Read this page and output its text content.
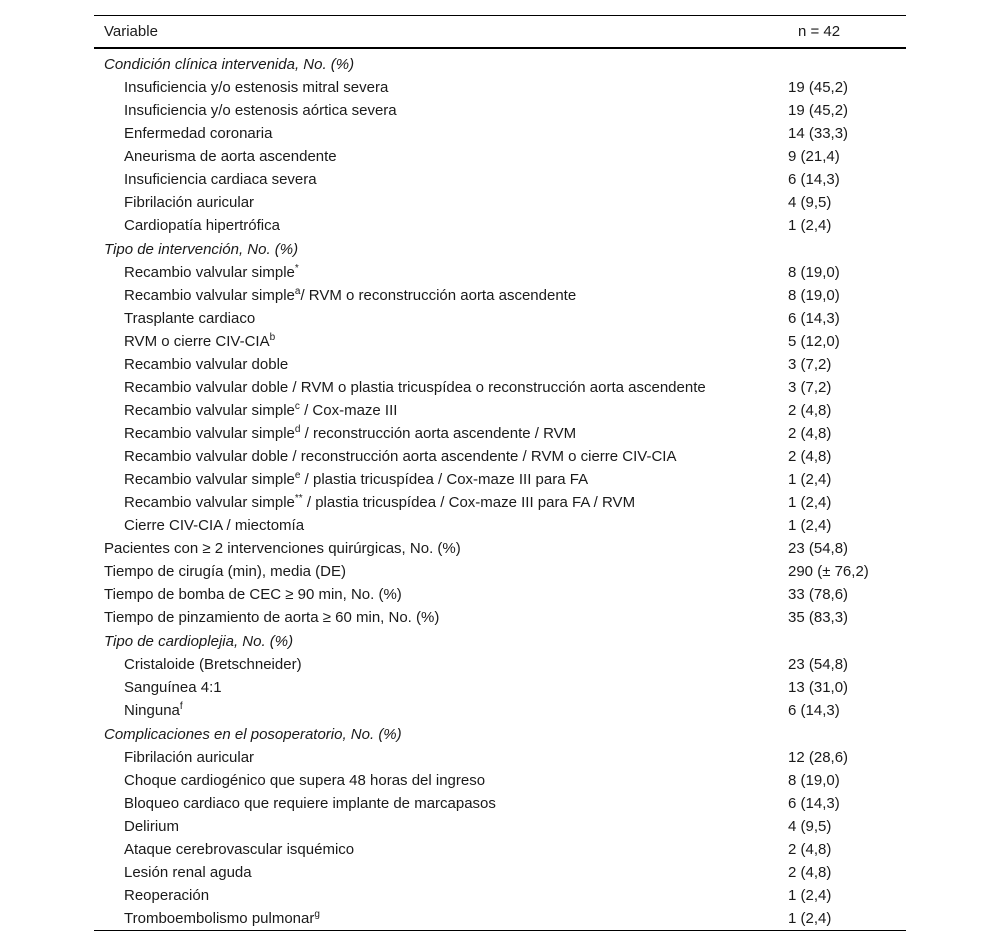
Variable	n = 42
Condición clínica intervenida, No. (%)	
Insuficiencia y/o estenosis mitral severa	19 (45,2)
Insuficiencia y/o estenosis aórtica severa	19 (45,2)
Enfermedad coronaria	14 (33,3)
Aneurisma de aorta ascendente	9 (21,4)
Insuficiencia cardiaca severa	6 (14,3)
Fibrilación auricular	4 (9,5)
Cardiopatía hipertrófica	1 (2,4)
Tipo de intervención, No. (%)	
Recambio valvular simple*	8 (19,0)
Recambio valvular simple$^a$/ RVM o reconstrucción aorta ascendente	8 (19,0)
Trasplante cardiaco	6 (14,3)
RVM o cierre CIV-CIA$^b$	5 (12,0)
Recambio valvular doble	3 (7,2)
Recambio valvular doble / RVM o plastia tricuspídea o reconstrucción aorta ascendente	3 (7,2)
Recambio valvular simple$^c$ / Cox-maze III	2 (4,8)
Recambio valvular simple$^d$ / reconstrucción aorta ascendente / RVM	2 (4,8)
Recambio valvular doble / reconstrucción aorta ascendente / RVM o cierre CIV-CIA	2 (4,8)
Recambio valvular simple$^e$ / plastia tricuspídea / Cox-maze III para FA	1 (2,4)
Recambio valvular simple** / plastia tricuspídea / Cox-maze III para FA / RVM	1 (2,4)
Cierre CIV-CIA / miectomía	1 (2,4)
Pacientes con ≥ 2 intervenciones quirúrgicas, No. (%)	23 (54,8)
Tiempo de cirugía (min), media (DE)	290 (± 76,2)
Tiempo de bomba de CEC ≥ 90 min, No. (%)	33 (78,6)
Tiempo de pinzamiento de aorta ≥ 60 min, No. (%)	35 (83,3)
Tipo de cardioplejia, No. (%)	
Cristaloide (Bretschneider)	23 (54,8)
Sanguínea 4:1	13 (31,0)
Ninguna$^f$	6 (14,3)
Complicaciones en el posoperatorio, No. (%)	
Fibrilación auricular	12 (28,6)
Choque cardiogénico que supera 48 horas del ingreso	8 (19,0)
Bloqueo cardiaco que requiere implante de marcapasos	6 (14,3)
Delirium	4 (9,5)
Ataque cerebrovascular isquémico	2 (4,8)
Lesión renal aguda	2 (4,8)
Reoperación	1 (2,4)
Tromboembolismo pulmonar$^g$	1 (2,4)
